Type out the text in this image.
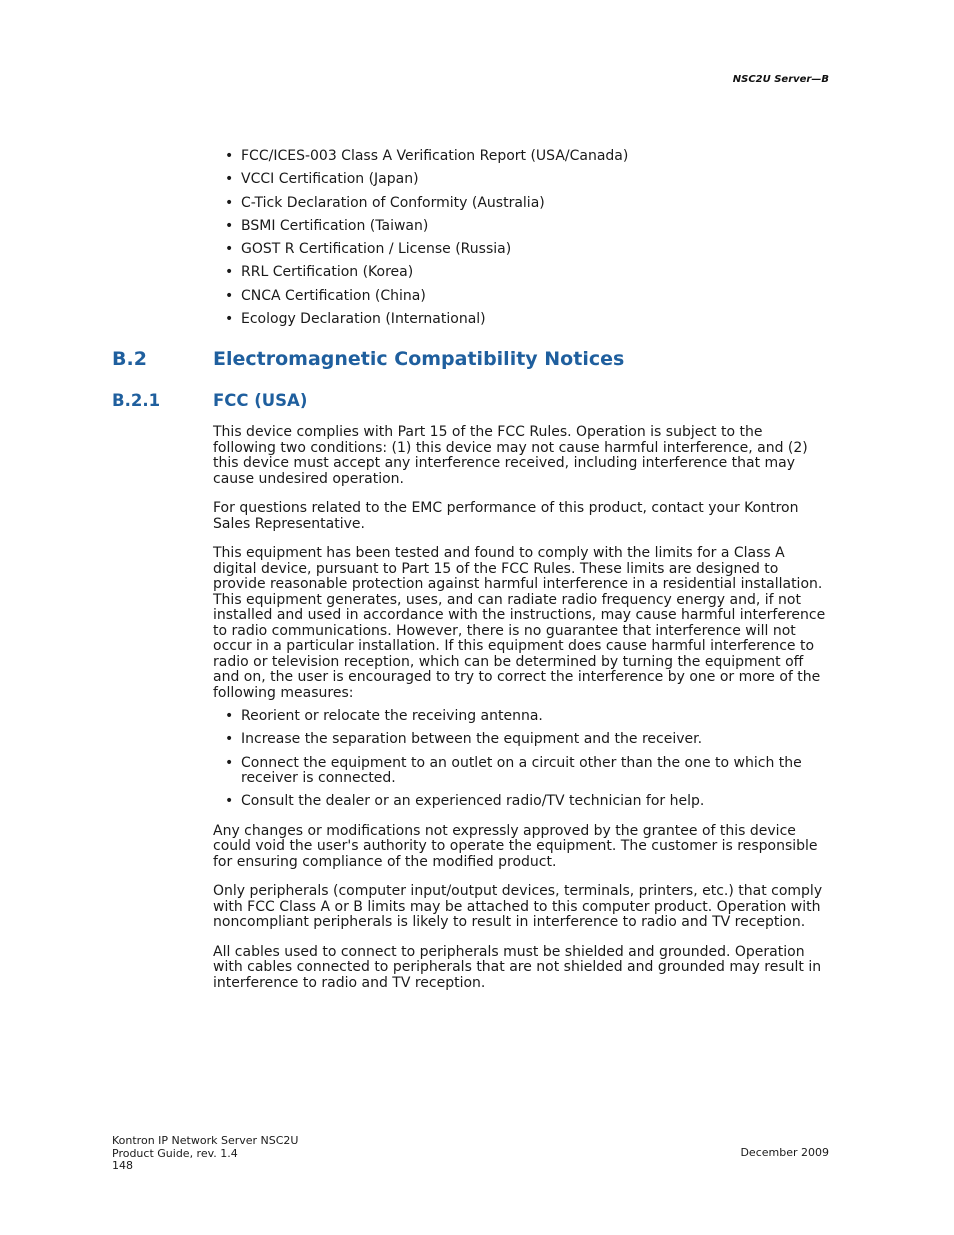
NSC2U Server—B
• FCC/ICES-003 Class A Verification Report (USA/Canada)
• VCCI Certification (Japan)
• C-Tick Declaration of Conformity (Australia)
• BSMI Certification (Taiwan)
• GOST R Certification / License (Russia)
• RRL Certification (Korea)
• CNCA Certification (China)
• Ecology Declaration (International)
B.2	Electromagnetic Compatibility Notices
B.2.1	FCC (USA)

This device complies with Part 15 of the FCC Rules. Operation is subject to the following two conditions: (1) this device may not cause harmful interference, and (2) this device must accept any interference received, including interference that may cause undesired operation.

For questions related to the EMC performance of this product, contact your Kontron Sales Representative.

This equipment has been tested and found to comply with the limits for a Class A digital device, pursuant to Part 15 of the FCC Rules. These limits are designed to provide reasonable protection against harmful interference in a residential installation. This equipment generates, uses, and can radiate radio frequency energy and, if not installed and used in accordance with the instructions, may cause harmful interference to radio communications. However, there is no guarantee that interference will not occur in a particular installation. If this equipment does cause harmful interference to radio or television reception, which can be determined by turning the equipment off and on, the user is encouraged to try to correct the interference by one or more of the following measures:

• Reorient or relocate the receiving antenna.
• Increase the separation between the equipment and the receiver.
• Connect the equipment to an outlet on a circuit other than the one to which the receiver is connected.
• Consult the dealer or an experienced radio/TV technician for help.

Any changes or modifications not expressly approved by the grantee of this device could void the user's authority to operate the equipment. The customer is responsible for ensuring compliance of the modified product.

Only peripherals (computer input/output devices, terminals, printers, etc.) that comply with FCC Class A or B limits may be attached to this computer product. Operation with noncompliant peripherals is likely to result in interference to radio and TV reception.

All cables used to connect to peripherals must be shielded and grounded. Operation with cables connected to peripherals that are not shielded and grounded may result in interference to radio and TV reception.

Kontron IP Network Server NSC2U
Product Guide, rev. 1.4
148
December 2009
